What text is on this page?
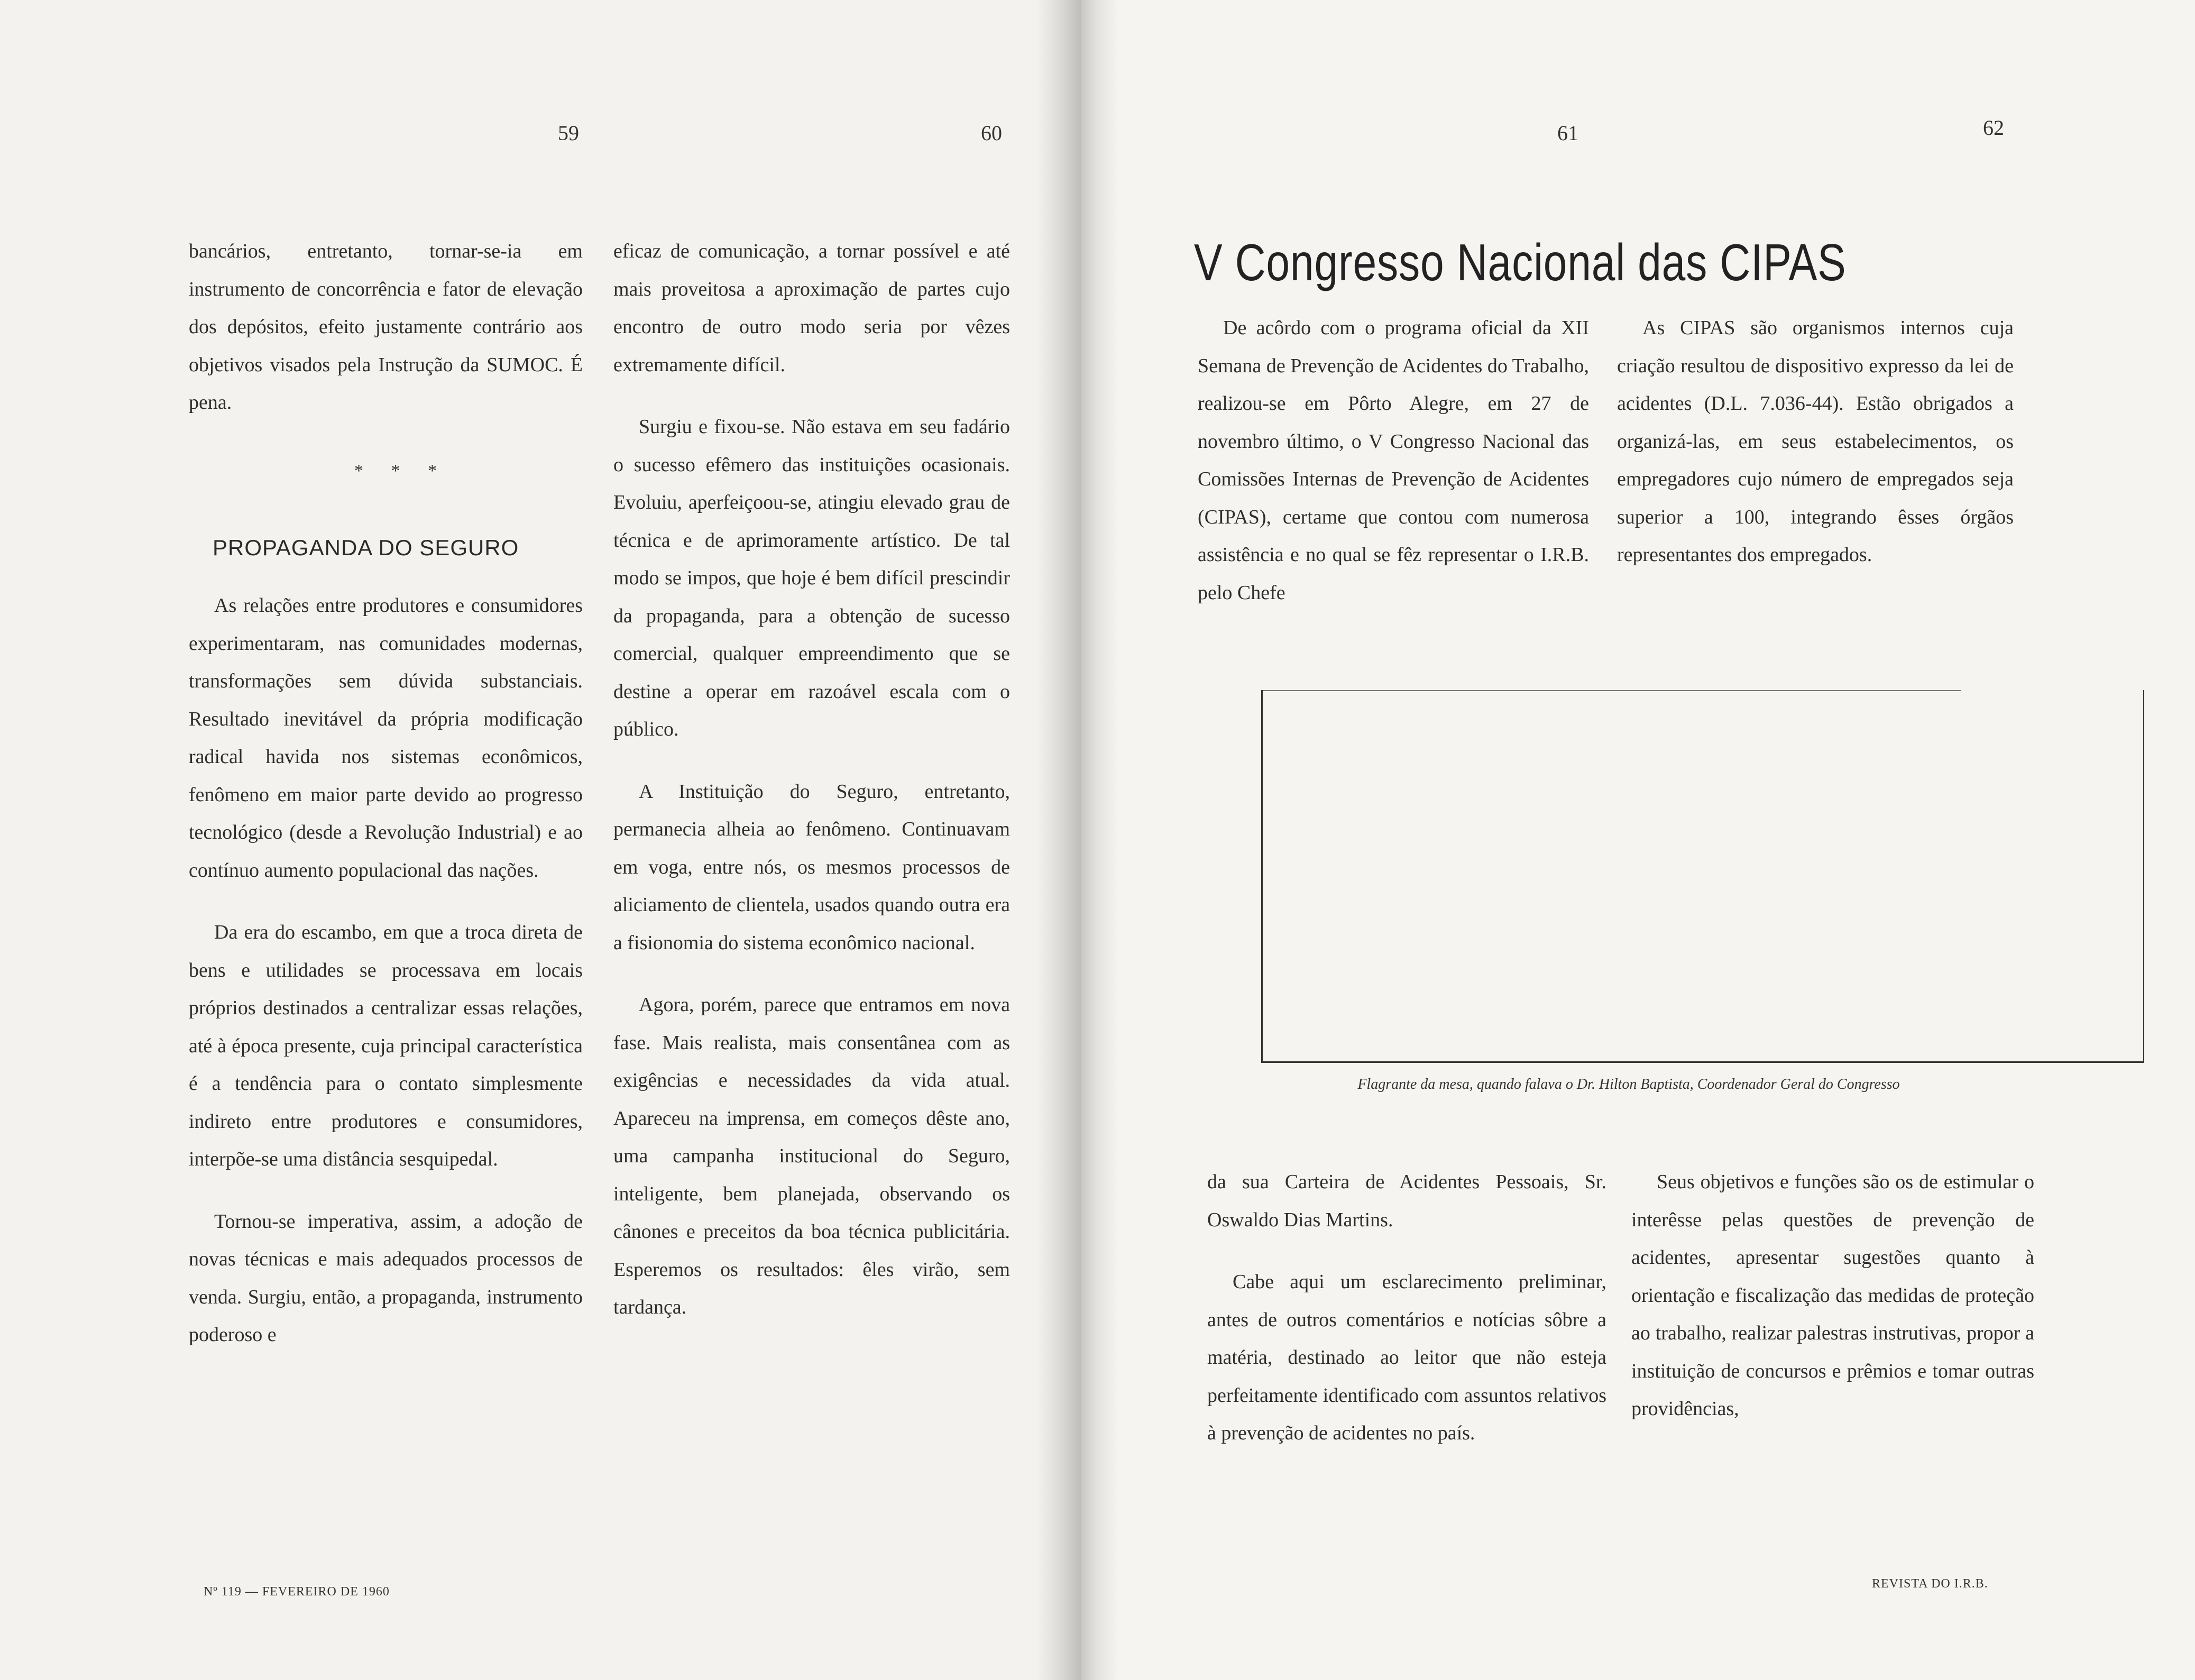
59	60	61	62

bancários, entretanto, tornar-se-ia em instrumento de concorrência e fator de elevação dos depósitos, efeito justamente contrário aos objetivos visados pela Instrução da SUMOC. É pena.

* * *
PROPAGANDA DO SEGURO

As relações entre produtores e consumidores experimentaram, nas comunidades modernas, transformações sem dúvida substanciais. Resultado inevitável da própria modificação radical havida nos sistemas econômicos, fenômeno em maior parte devido ao progresso tecnológico (desde a Revolução Industrial) e ao contínuo aumento populacional das nações.

Da era do escambo, em que a troca direta de bens e utilidades se processava em locais próprios destinados a centralizar essas relações, até à época presente, cuja principal característica é a tendência para o contato simplesmente indireto entre produtores e consumidores, interpõe-se uma distância sesquipedal.

Tornou-se imperativa, assim, a adoção de novas técnicas e mais adequados processos de venda. Surgiu, então, a propaganda, instrumento poderoso e

eficaz de comunicação, a tornar possível e até mais proveitosa a aproximação de partes cujo encontro de outro modo seria por vêzes extremamente difícil.

Surgiu e fixou-se. Não estava em seu fadário o sucesso efêmero das instituições ocasionais. Evoluiu, aperfeiçoou-se, atingiu elevado grau de técnica e de aprimoramente artístico. De tal modo se impos, que hoje é bem difícil prescindir da propaganda, para a obtenção de sucesso comercial, qualquer empreendimento que se destine a operar em razoável escala com o público.

A Instituição do Seguro, entretanto, permanecia alheia ao fenômeno. Continuavam em voga, entre nós, os mesmos processos de aliciamento de clientela, usados quando outra era a fisionomia do sistema econômico nacional.

Agora, porém, parece que entramos em nova fase. Mais realista, mais consentânea com as exigências e necessidades da vida atual. Apareceu na imprensa, em começos dêste ano, uma campanha institucional do Seguro, inteligente, bem planejada, observando os cânones e preceitos da boa técnica publicitária. Esperemos os resultados: êles virão, sem tardança.

Nº 119 — FEVEREIRO DE 1960
V Congresso Nacional das CIPAS

De acôrdo com o programa oficial da XII Semana de Prevenção de Acidentes do Trabalho, realizou-se em Pôrto Alegre, em 27 de novembro último, o V Congresso Nacional das Comissões Internas de Prevenção de Acidentes (CIPAS), certame que contou com numerosa assistência e no qual se fêz representar o I.R.B. pelo Chefe

As CIPAS são organismos internos cuja criação resultou de dispositivo expresso da lei de acidentes (D.L. 7.036-44). Estão obrigados a organizá-las, em seus estabelecimentos, os empregadores cujo número de empregados seja superior a 100, integrando êsses órgãos representantes dos empregados.

Flagrante da mesa, quando falava o Dr. Hilton Baptista, Coordenador Geral do Congresso

da sua Carteira de Acidentes Pessoais, Sr. Oswaldo Dias Martins.

Cabe aqui um esclarecimento preliminar, antes de outros comentários e notícias sôbre a matéria, destinado ao leitor que não esteja perfeitamente identificado com assuntos relativos à prevenção de acidentes no país.

Seus objetivos e funções são os de estimular o interêsse pelas questões de prevenção de acidentes, apresentar sugestões quanto à orientação e fiscalização das medidas de proteção ao trabalho, realizar palestras instrutivas, propor a instituição de concursos e prêmios e tomar outras providências,

REVISTA DO I.R.B.
